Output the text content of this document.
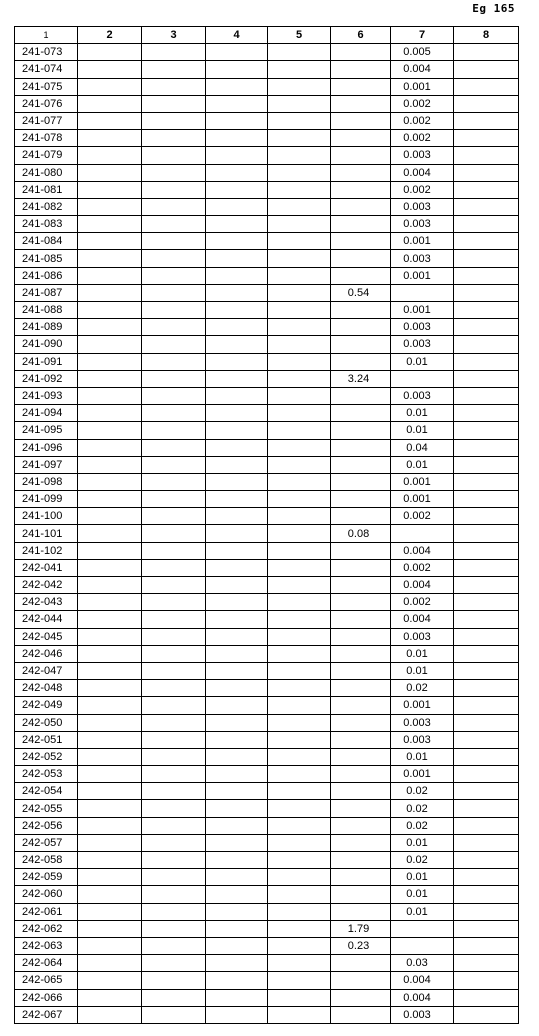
Eg 165
1	2	3	4	5	6	7	8
241-073						0.005	
241-074						0.004	
241-075						0.001	
241-076						0.002	
241-077						0.002	
241-078						0.002	
241-079						0.003	
241-080						0.004	
241-081						0.002	
241-082						0.003	
241-083						0.003	
241-084						0.001	
241-085						0.003	
241-086						0.001	
241-087					0.54		
241-088						0.001	
241-089						0.003	
241-090						0.003	
241-091						0.01	
241-092					3.24		
241-093						0.003	
241-094						0.01	
241-095						0.01	
241-096						0.04	
241-097						0.01	
241-098						0.001	
241-099						0.001	
241-100						0.002	
241-101					0.08		
241-102						0.004	
242-041						0.002	
242-042						0.004	
242-043						0.002	
242-044						0.004	
242-045						0.003	
242-046						0.01	
242-047						0.01	
242-048						0.02	
242-049						0.001	
242-050						0.003	
242-051						0.003	
242-052						0.01	
242-053						0.001	
242-054						0.02	
242-055						0.02	
242-056						0.02	
242-057						0.01	
242-058						0.02	
242-059						0.01	
242-060						0.01	
242-061						0.01	
242-062					1.79		
242-063					0.23		
242-064						0.03	
242-065						0.004	
242-066						0.004	
242-067						0.003	
